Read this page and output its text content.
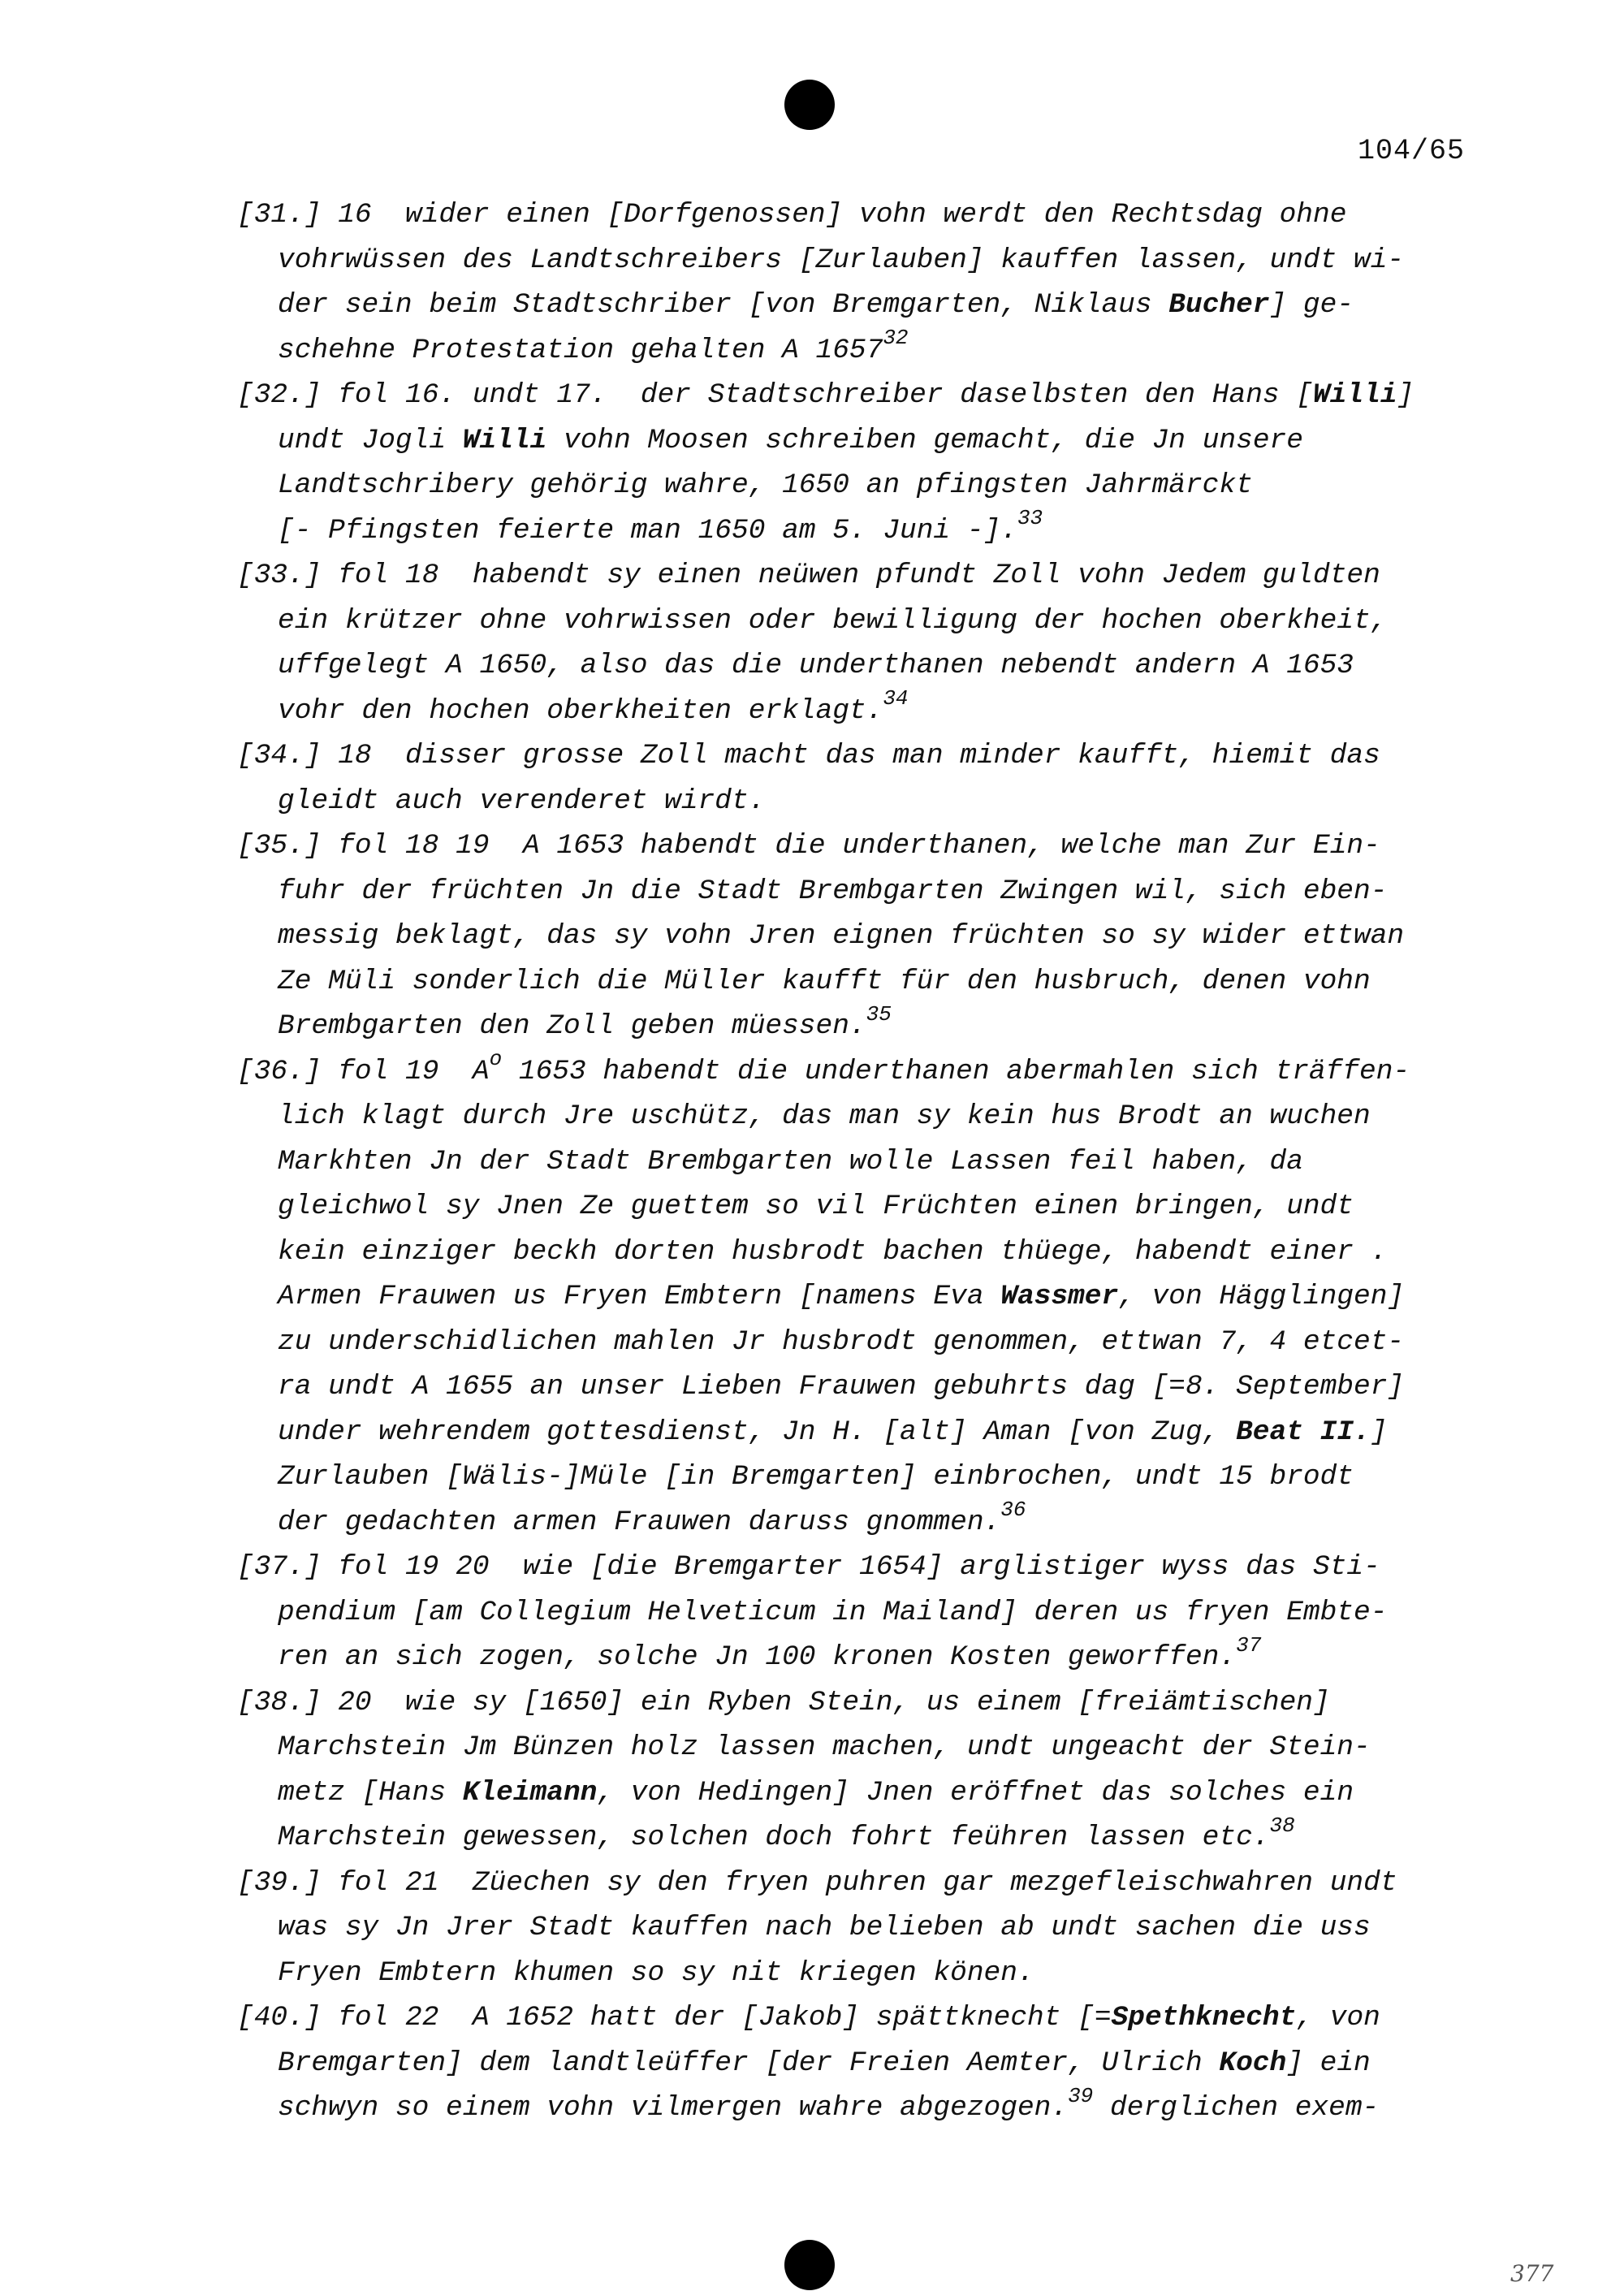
104/65
[31.] 16  wider einen [Dorfgenossen] vohn werdt den Rechtsdag ohne
vohrwüssen des Landtschreibers [Zurlauben] kauffen lassen, undt wi-
der sein beim Stadtschriber [von Bremgarten, Niklaus Bucher] ge-
schehne Protestation gehalten A 1657$^{32}$
[32.] fol 16. undt 17.  der Stadtschreiber daselbsten den Hans [Willi]
undt Jogli Willi vohn Moosen schreiben gemacht, die Jn unsere
Landtschribery gehörig wahre, 1650 an pfingsten Jahrmärckt
[- Pfingsten feierte man 1650 am 5. Juni -].$^{33}$
[33.] fol 18  habendt sy einen neüwen pfundt Zoll vohn Jedem guldten
ein krützer ohne vohrwissen oder bewilligung der hochen oberkheit,
uffgelegt A 1650, also das die underthanen nebendt andern A 1653
vohr den hochen oberkheiten erklagt.$^{34}$
[34.] 18  disser grosse Zoll macht das man minder kaufft, hiemit das
gleidt auch verenderet wirdt.
[35.] fol 18 19  A 1653 habendt die underthanen, welche man Zur Ein-
fuhr der früchten Jn die Stadt Brembgarten Zwingen wil, sich eben-
messig beklagt, das sy vohn Jren eignen früchten so sy wider ettwan
Ze Müli sonderlich die Müller kaufft für den husbruch, denen vohn
Brembgarten den Zoll geben müessen.$^{35}$
[36.] fol 19  $A^o$ 1653 habendt die underthanen abermahlen sich träffen-
lich klagt durch Jre uschütz, das man sy kein hus Brodt an wuchen
Markhten Jn der Stadt Brembgarten wolle Lassen feil haben, da
gleichwol sy Jnen Ze guettem so vil Früchten einen bringen, undt
kein einziger beckh dorten husbrodt bachen thüege, habendt einer .
Armen Frauwen us Fryen Embtern [namens Eva Wassmer, von Hägglingen]
zu underschidlichen mahlen Jr husbrodt genommen, ettwan 7, 4 etcet-
ra undt A 1655 an unser Lieben Frauwen gebuhrts dag [=8. September]
under wehrendem gottesdienst, Jn H. [alt] Aman [von Zug, Beat II.]
Zurlauben [Wälis-]Müle [in Bremgarten] einbrochen, undt 15 brodt
der gedachten armen Frauwen daruss gnommen.$^{36}$
[37.] fol 19 20  wie [die Bremgarter 1654] arglistiger wyss das Sti-
pendium [am Collegium Helveticum in Mailand] deren us fryen Embte-
ren an sich zogen, solche Jn 100 kronen Kosten geworffen.$^{37}$
[38.] 20  wie sy [1650] ein Ryben Stein, us einem [freiämtischen]
Marchstein Jm Bünzen holz lassen machen, undt ungeacht der Stein-
metz [Hans Kleimann, von Hedingen] Jnen eröffnet das solches ein
Marchstein gewessen, solchen doch fohrt feühren lassen etc.$^{38}$
[39.] fol 21  Züechen sy den fryen puhren gar mezgefleischwahren undt
was sy Jn Jrer Stadt kauffen nach belieben ab undt sachen die uss
Fryen Embtern khumen so sy nit kriegen könen.
[40.] fol 22  A 1652 hatt der [Jakob] spättknecht [=Spethknecht, von
Bremgarten] dem landtleüffer [der Freien Aemter, Ulrich Koch] ein
schwyn so einem vohn vilmergen wahre abgezogen.$^{39}$ derglichen exem-
377
